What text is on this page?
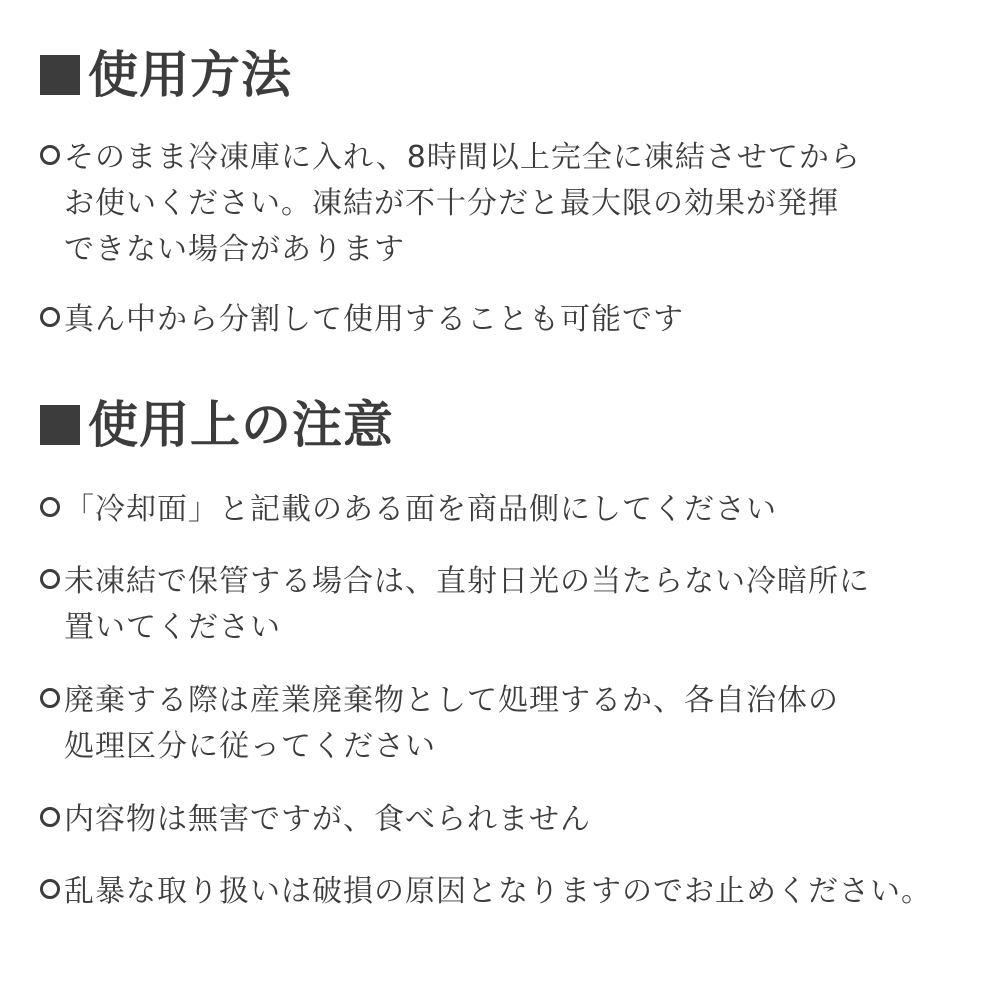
使用方法
そのまま冷凍庫に入れ、8時間以上完全に凍結させてから
お使いください。凍結が不十分だと最大限の効果が発揮
できない場合があります
真ん中から分割して使用することも可能です
使用上の注意
「冷却面」と記載のある面を商品側にしてください
未凍結で保管する場合は、直射日光の当たらない冷暗所に
置いてください
廃棄する際は産業廃棄物として処理するか、各自治体の
処理区分に従ってください
内容物は無害ですが、食べられません
乱暴な取り扱いは破損の原因となりますのでお止めください。
